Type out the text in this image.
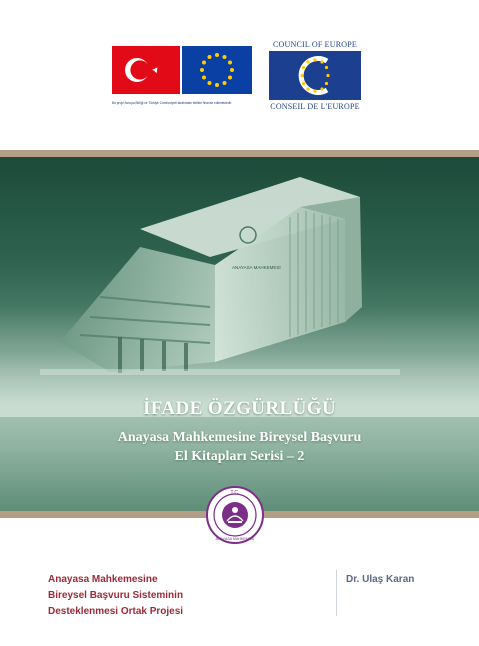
Bu proje Avrupa Birliği ve Türkiye Cumhuriyeti tarafından birlikte finanse edilmektedir.
COUNCIL OF EUROPE
CONSEIL DE L'EUROPE
ANAYASA MAHKEMESİ
İFADE ÖZGÜRLÜĞÜ
Anayasa Mahkemesine Bireysel Başvuru
El Kitapları Serisi – 2
T.C.
ANAYASA MAHKEMESİ
Anayasa Mahkemesine
Bireysel Başvuru Sisteminin
Desteklenmesi Ortak Projesi
Dr. Ulaş Karan
